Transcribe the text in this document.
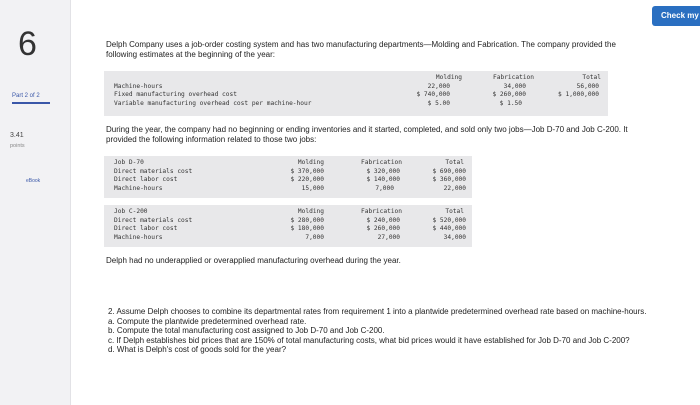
6
Part 2 of 2
3.41
points
eBook
Check my
Delph Company uses a job-order costing system and has two manufacturing departments—Molding and Fabrication. The company provided the following estimates at the beginning of the year:
Molding	Fabrication	Total
Machine-hours	22,000	34,000	56,000
Fixed manufacturing overhead cost	$ 740,000	$ 260,000	$ 1,000,000
Variable manufacturing overhead cost per machine-hour	$ 5.00	$ 1.50
During the year, the company had no beginning or ending inventories and it started, completed, and sold only two jobs—Job D-70 and Job C-200. It provided the following information related to those two jobs:
Job D-70	Molding	Fabrication	Total
Direct materials cost	$ 370,000	$ 320,000	$ 690,000
Direct labor cost	$ 220,000	$ 140,000	$ 360,000
Machine-hours	15,000	7,000	22,000
Job C-200	Molding	Fabrication	Total
Direct materials cost	$ 280,000	$ 240,000	$ 520,000
Direct labor cost	$ 180,000	$ 260,000	$ 440,000
Machine-hours	7,000	27,000	34,000
Delph had no underapplied or overapplied manufacturing overhead during the year.
2. Assume Delph chooses to combine its departmental rates from requirement 1 into a plantwide predetermined overhead rate based on machine-hours.
a. Compute the plantwide predetermined overhead rate.
b. Compute the total manufacturing cost assigned to Job D-70 and Job C-200.
c. If Delph establishes bid prices that are 150% of total manufacturing costs, what bid prices would it have established for Job D-70 and Job C-200?
d. What is Delph's cost of goods sold for the year?
